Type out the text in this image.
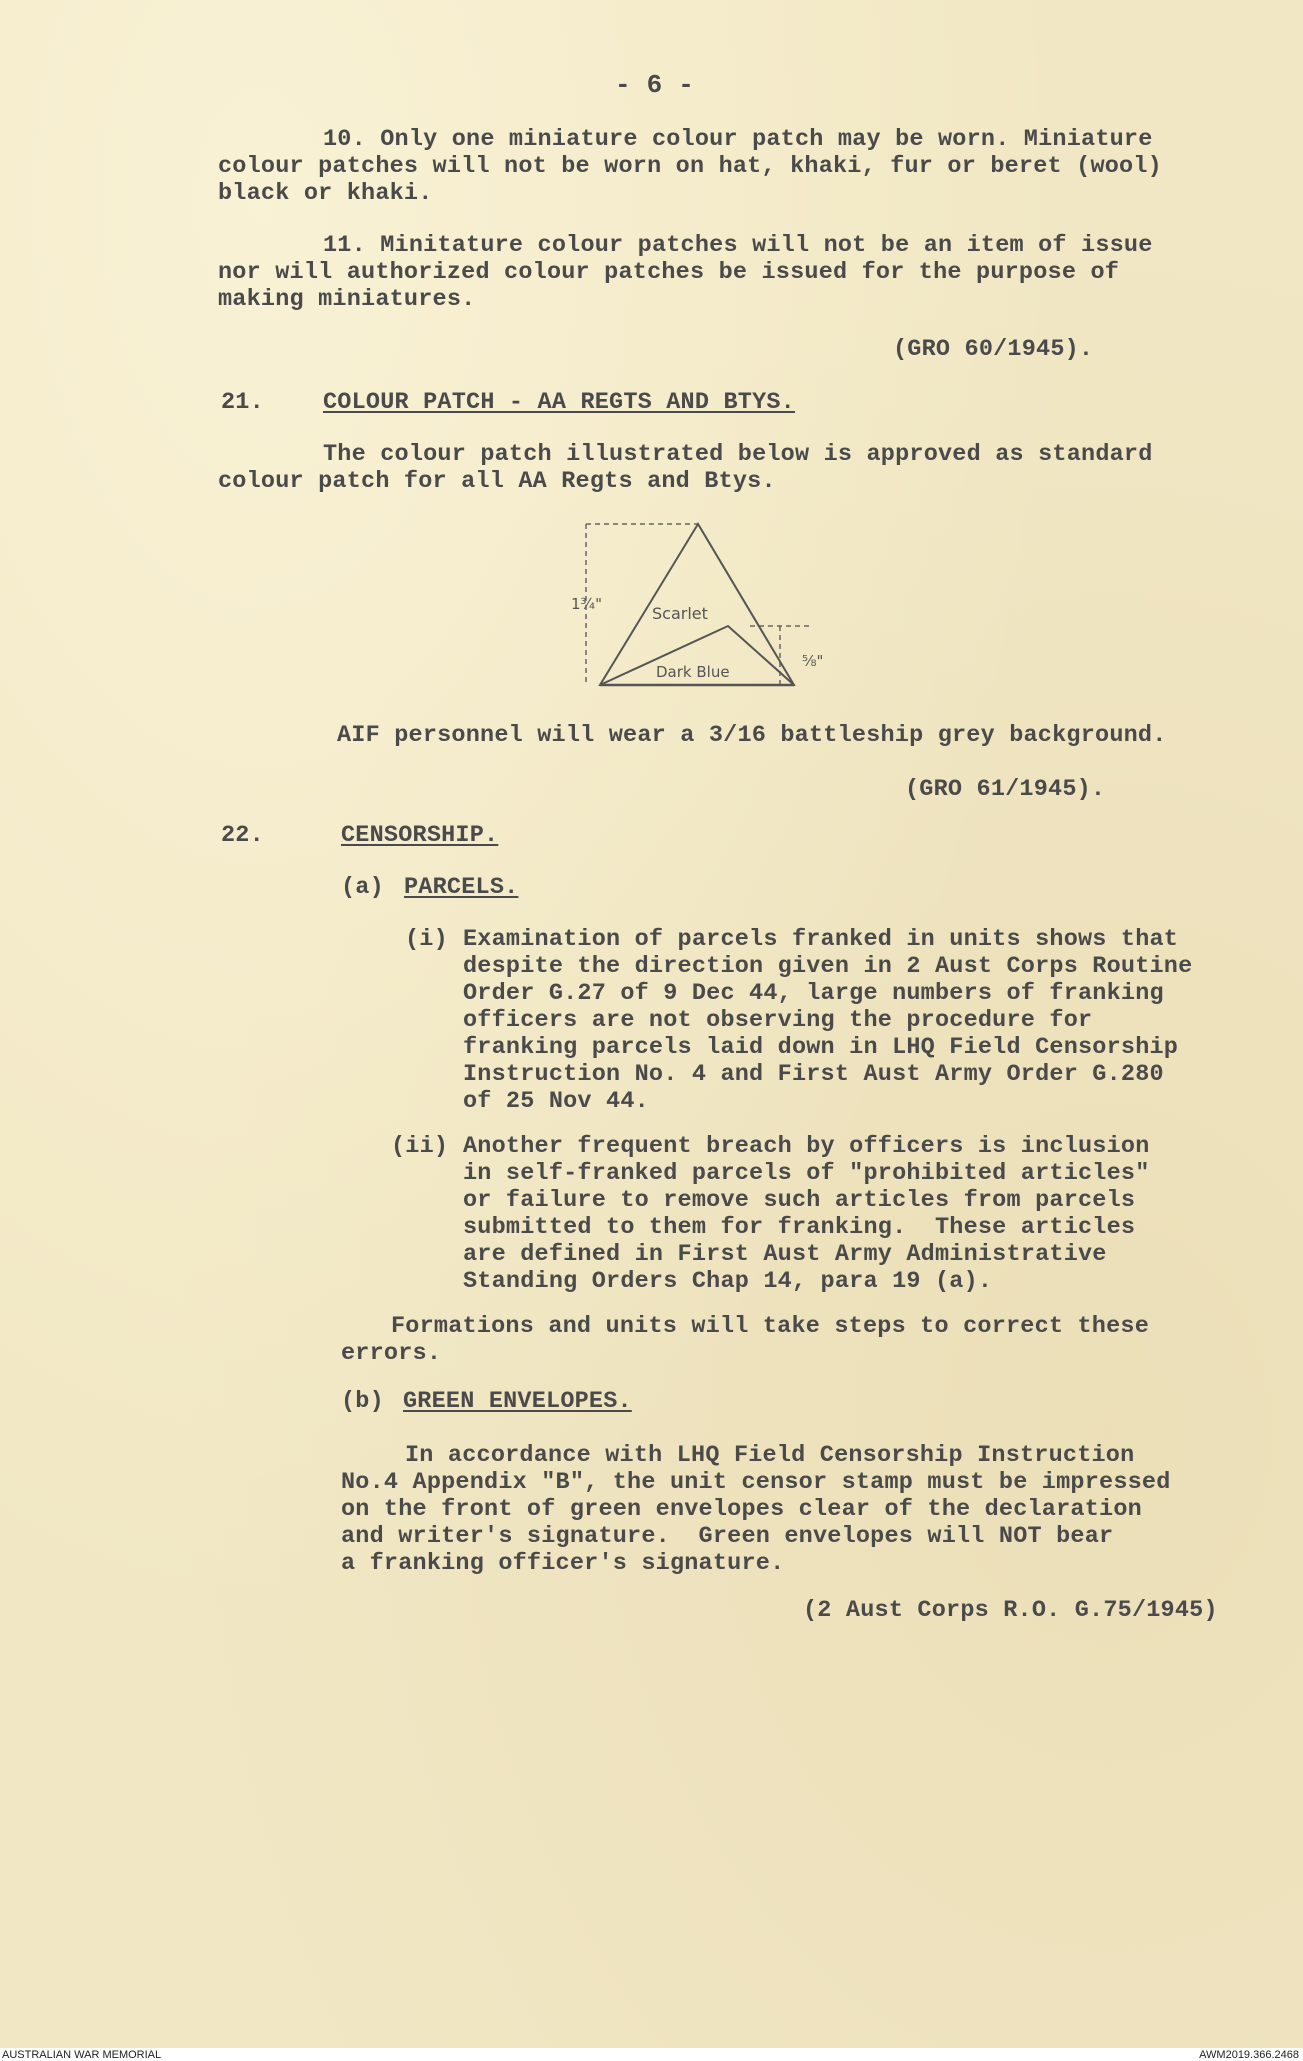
- 6 -
10. Only one miniature colour patch may be worn. Miniature
colour patches will not be worn on hat, khaki, fur or beret (wool)
black or khaki.
11. Minitature colour patches will not be an item of issue
nor will authorized colour patches be issued for the purpose of
making miniatures.
(GRO 60/1945).
21.	COLOUR PATCH - AA REGTS AND BTYS.
The colour patch illustrated below is approved as standard
colour patch for all AA Regts and Btys.
Scarlet
Dark Blue
1¾"
⅝"
AIF personnel will wear a 3/16 battleship grey background.
(GRO 61/1945).
22.	CENSORSHIP.
(a) PARCELS.
(i) Examination of parcels franked in units shows that
despite the direction given in 2 Aust Corps Routine
Order G.27 of 9 Dec 44, large numbers of franking
officers are not observing the procedure for
franking parcels laid down in LHQ Field Censorship
Instruction No. 4 and First Aust Army Order G.280
of 25 Nov 44.
(ii) Another frequent breach by officers is inclusion
in self-franked parcels of "prohibited articles"
or failure to remove such articles from parcels
submitted to them for franking.  These articles
are defined in First Aust Army Administrative
Standing Orders Chap 14, para 19 (a).
Formations and units will take steps to correct these
errors.
(b) GREEN ENVELOPES.
In accordance with LHQ Field Censorship Instruction
No.4 Appendix "B", the unit censor stamp must be impressed
on the front of green envelopes clear of the declaration
and writer's signature.  Green envelopes will NOT bear
a franking officer's signature.
(2 Aust Corps R.O. G.75/1945)
AUSTRALIAN WAR MEMORIAL	AWM2019.366.2468
